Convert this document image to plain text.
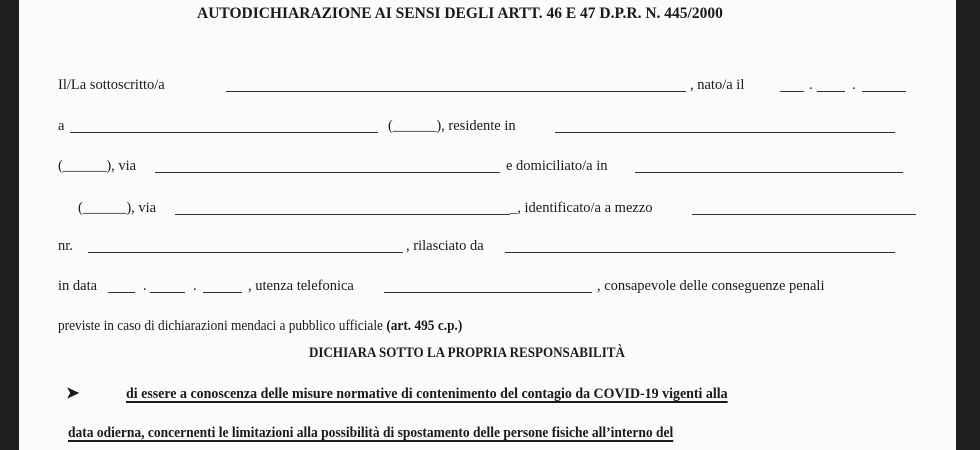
AUTODICHIARAZIONE AI SENSI DEGLI ARTT. 46 E 47 D.P.R. N. 445/2000
Il/La sottoscritto/a	, nato/a il	.	.
a	(______), residente in
(______), via	e domiciliato/a in
(______), via	_, identificato/a a mezzo
nr.	, rilasciato da
in data	.	.	, utenza telefonica	, consapevole delle conseguenze penali
previste in caso di dichiarazioni mendaci a pubblico ufficiale (art. 495 c.p.)
DICHIARA SOTTO LA PROPRIA RESPONSABILITÀ
➤	di essere a conoscenza delle misure normative di contenimento del contagio da COVID-19 vigenti alla
data odierna, concernenti le limitazioni alla possibilità di spostamento delle persone fisiche all’interno del
